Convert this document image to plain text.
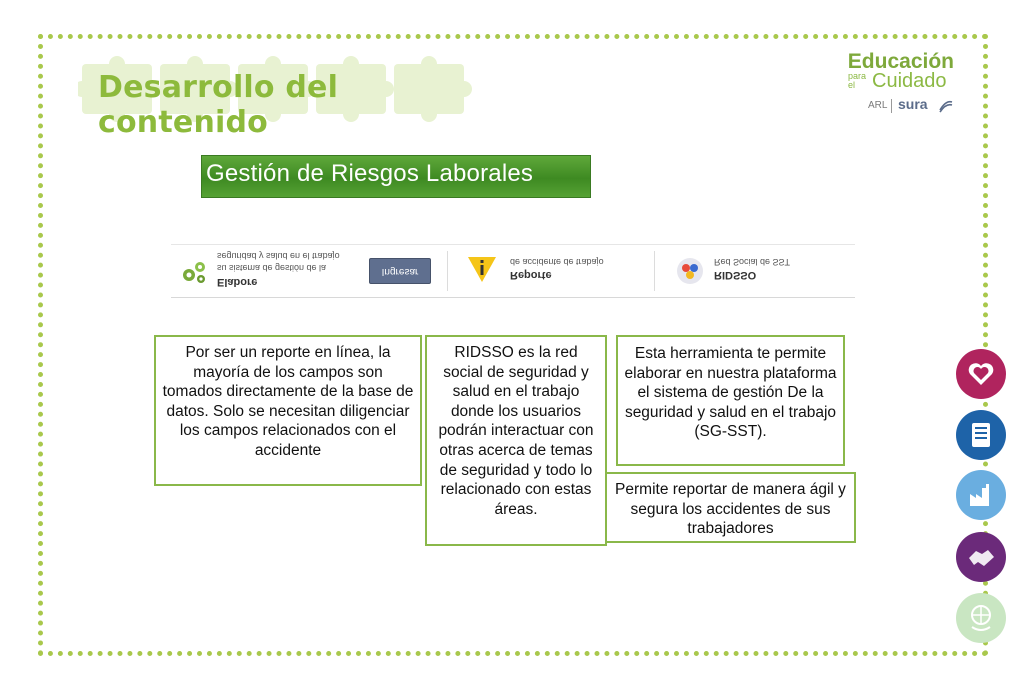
Desarrollo del contenido
Educación
para
el Cuidado
ARL sura
Gestión de Riesgos Laborales
seguridad y salud en el trabajo
su sistema de gestión de la
Elabore
Ingresar
de accidente de trabajo
Reporte
Red Social de SST
RIDSSO
Por ser un reporte en línea, la mayoría de los campos son tomados directamente de la base de datos. Solo se necesitan diligenciar los campos relacionados con el accidente
RIDSSO es la red social de seguridad y salud en el trabajo donde los usuarios podrán interactuar con otras acerca de temas de seguridad y todo lo relacionado con estas áreas.
Esta herramienta te permite elaborar en nuestra plataforma el sistema de gestión De la seguridad y salud en el trabajo (SG-SST).
Permite reportar de manera ágil y segura los accidentes de sus trabajadores
